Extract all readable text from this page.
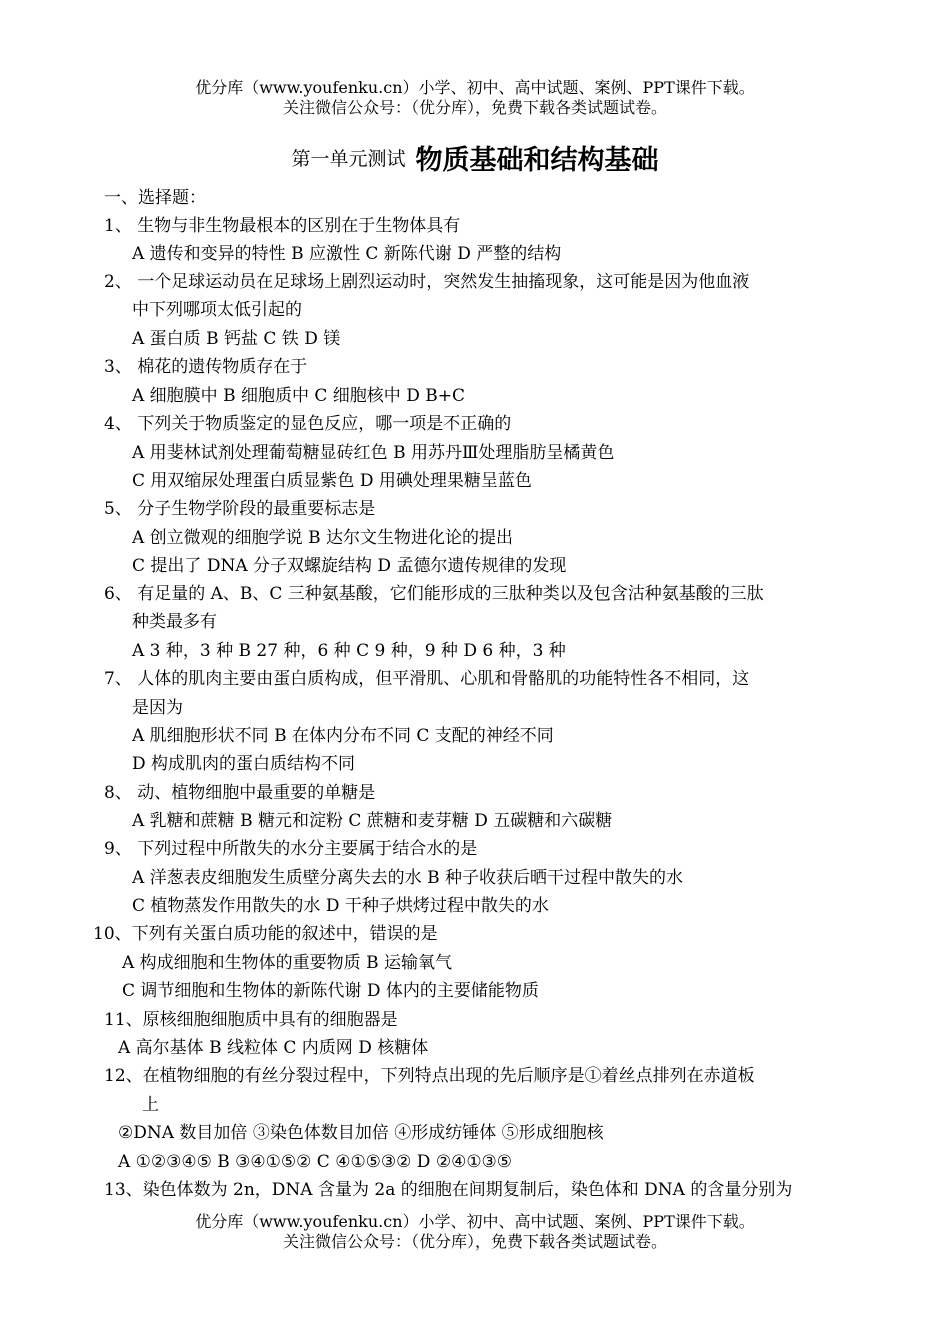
优分库（www.youfenku.cn）小学、初中、高中试题、案例、PPT课件下载。
关注微信公众号：（优分库），免费下载各类试题试卷。
第一单元测试 物质基础和结构基础
一、选择题：
1、 生物与非生物最根本的区别在于生物体具有
A 遗传和变异的特性 B 应激性 C 新陈代谢 D 严整的结构
2、 一个足球运动员在足球场上剧烈运动时，突然发生抽搐现象，这可能是因为他血液
中下列哪项太低引起的
A 蛋白质 B 钙盐 C 铁 D 镁
3、 棉花的遗传物质存在于
A 细胞膜中 B 细胞质中 C 细胞核中 D B+C
4、 下列关于物质鉴定的显色反应，哪一项是不正确的
A 用斐林试剂处理葡萄糖显砖红色 B 用苏丹Ⅲ处理脂肪呈橘黄色
C 用双缩尿处理蛋白质显紫色 D 用碘处理果糖呈蓝色
5、 分子生物学阶段的最重要标志是
A 创立微观的细胞学说 B 达尔文生物进化论的提出
C 提出了 DNA 分子双螺旋结构 D 孟德尔遗传规律的发现
6、 有足量的 A、B、C 三种氨基酸，它们能形成的三肽种类以及包含沽种氨基酸的三肽
种类最多有
A 3 种，3 种 B 27 种，6 种 C 9 种，9 种 D 6 种，3 种
7、 人体的肌肉主要由蛋白质构成，但平滑肌、心肌和骨骼肌的功能特性各不相同，这
是因为
A 肌细胞形状不同 B 在体内分布不同 C 支配的神经不同
D 构成肌肉的蛋白质结构不同
8、 动、植物细胞中最重要的单糖是
A 乳糖和蔗糖 B 糖元和淀粉 C 蔗糖和麦芽糖 D 五碳糖和六碳糖
9、 下列过程中所散失的水分主要属于结合水的是
A 洋葱表皮细胞发生质壁分离失去的水 B 种子收获后晒干过程中散失的水
C 植物蒸发作用散失的水 D 干种子烘烤过程中散失的水
10、下列有关蛋白质功能的叙述中，错误的是
A 构成细胞和生物体的重要物质 B 运输氧气
C 调节细胞和生物体的新陈代谢 D 体内的主要储能物质
11、原核细胞细胞质中具有的细胞器是
A 高尔基体 B 线粒体 C 内质网 D 核糖体
12、在植物细胞的有丝分裂过程中，下列特点出现的先后顺序是①着丝点排列在赤道板
上
②DNA 数目加倍 ③染色体数目加倍 ④形成纺锤体 ⑤形成细胞核
A ①②③④⑤ B ③④①⑤② C ④①⑤③② D ②④①③⑤
13、染色体数为 2n，DNA 含量为 2a 的细胞在间期复制后，染色体和 DNA 的含量分别为
优分库（www.youfenku.cn）小学、初中、高中试题、案例、PPT课件下载。
关注微信公众号：（优分库），免费下载各类试题试卷。
